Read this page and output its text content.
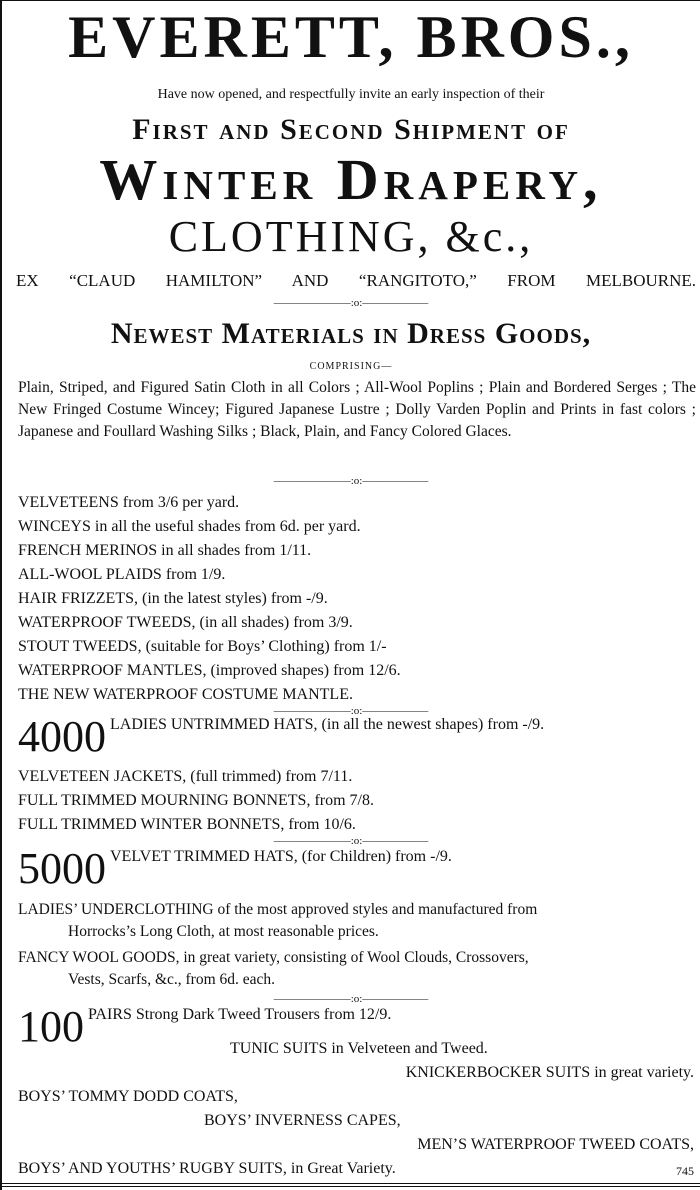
EVERETT, BROS.,
Have now opened, and respectfully invite an early inspection of their
First and Second Shipment of
Winter Drapery,
CLOTHING, &c.,
EX “CLAUD HAMILTON” AND “RANGITOTO,” FROM MELBOURNE.
———————:o:——————
Newest Materials in Dress Goods,
COMPRISING—
Plain, Striped, and Figured Satin Cloth in all Colors ; All-Wool Poplins ; Plain and Bordered Serges ; The New Fringed Costume Wincey; Figured Japanese Lustre ; Dolly Varden Poplin and Prints in fast colors ; Japanese and Foullard Washing Silks ; Black, Plain, and Fancy Colored Glaces.
———————:o:——————
VELVETEENS from 3/6 per yard.
WINCEYS in all the useful shades from 6d. per yard.
FRENCH MERINOS in all shades from 1/11.
ALL-WOOL PLAIDS from 1/9.
HAIR FRIZZETS, (in the latest styles) from -/9.
WATERPROOF TWEEDS, (in all shades) from 3/9.
STOUT TWEEDS, (suitable for Boys’ Clothing) from 1/-
WATERPROOF MANTLES, (improved shapes) from 12/6.
THE NEW WATERPROOF COSTUME MANTLE.
———————:o:——————
4000 LADIES UNTRIMMED HATS, (in all the newest shapes) from -/9.
VELVETEEN JACKETS, (full trimmed) from 7/11.
FULL TRIMMED MOURNING BONNETS, from 7/8.
FULL TRIMMED WINTER BONNETS, from 10/6.
———————:o:——————
5000 VELVET TRIMMED HATS, (for Children) from -/9.
LADIES’ UNDERCLOTHING of the most approved styles and manufactured from
Horrocks’s Long Cloth, at most reasonable prices.
FANCY WOOL GOODS, in great variety, consisting of Wool Clouds, Crossovers,
Vests, Scarfs, &c., from 6d. each.
———————:o:——————
100 PAIRS Strong Dark Tweed Trousers from 12/9.
TUNIC SUITS in Velveteen and Tweed.
KNICKERBOCKER SUITS in great variety.
BOYS’ TOMMY DODD COATS,
BOYS’ INVERNESS CAPES,
MEN’S WATERPROOF TWEED COATS,
BOYS’ AND YOUTHS’ RUGBY SUITS, in Great Variety.	745
